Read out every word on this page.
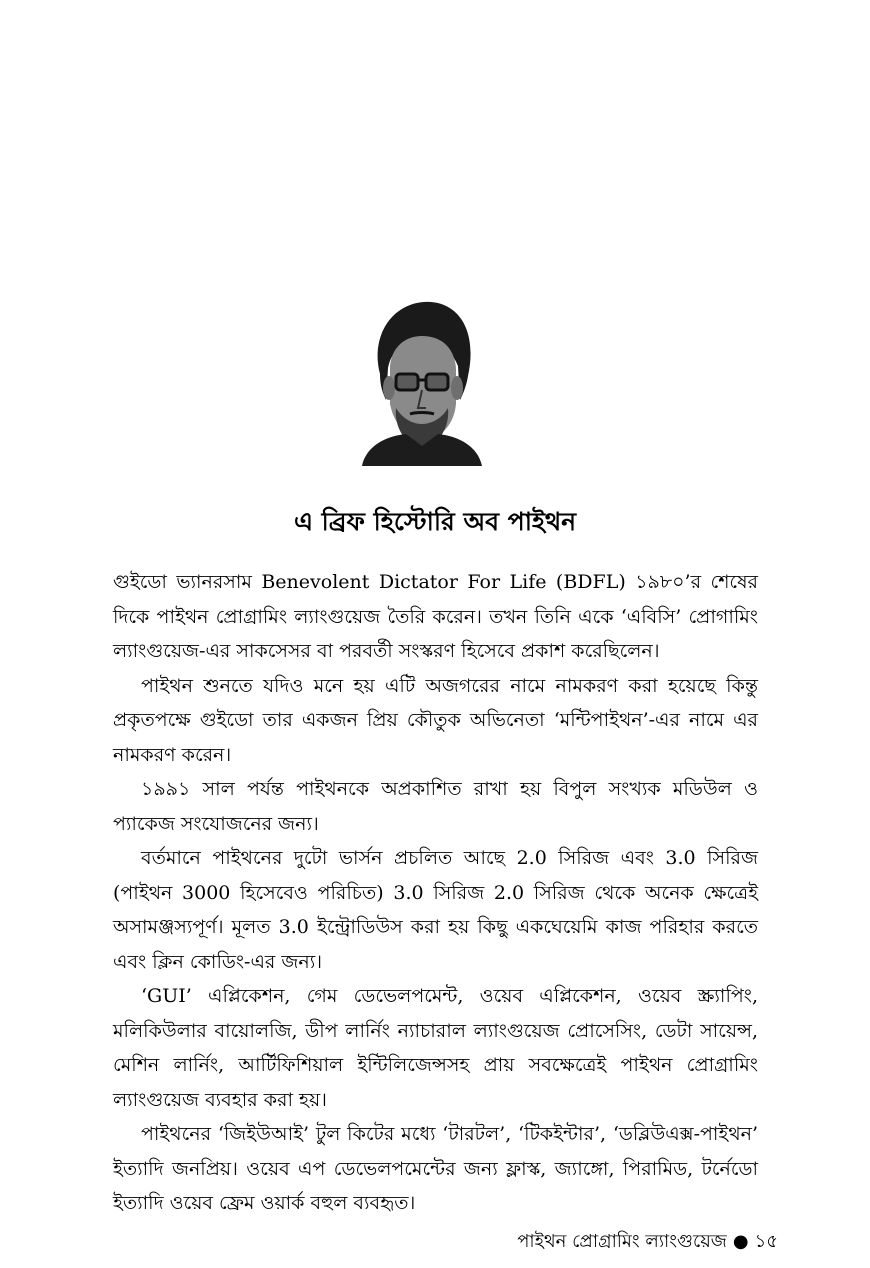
এ ব্রিফ হিস্টোরি অব পাইথন

গুইডো ভ্যানরসাম Benevolent Dictator For Life (BDFL) ১৯৮০’র শেষের দিকে পাইথন প্রোগ্রামিং ল্যাংগুয়েজ তৈরি করেন। তখন তিনি একে ‘এবিসি’ প্রোগামিং ল্যাংগুয়েজ-এর সাকসেসর বা পরবর্তী সংস্করণ হিসেবে প্রকাশ করেছিলেন।

পাইথন শুনতে যদিও মনে হয় এটি অজগরের নামে নামকরণ করা হয়েছে কিন্তু প্রকৃতপক্ষে গুইডো তার একজন প্রিয় কৌতুক অভিনেতা ‘মন্টিপাইথন’-এর নামে এর নামকরণ করেন।

১৯৯১ সাল পর্যন্ত পাইথনকে অপ্রকাশিত রাখা হয় বিপুল সংখ্যক মডিউল ও প্যাকেজ সংযোজনের জন্য।

বর্তমানে পাইথনের দুটো ভার্সন প্রচলিত আছে 2.0 সিরিজ এবং 3.0 সিরিজ (পাইথন 3000 হিসেবেও পরিচিত) 3.0 সিরিজ 2.0 সিরিজ থেকে অনেক ক্ষেত্রেই অসামঞ্জস্যপূর্ণ। মূলত 3.0 ইন্ট্রোডিউস করা হয় কিছু একঘেয়েমি কাজ পরিহার করতে এবং ক্লিন কোডিং-এর জন্য।

‘GUI’ এপ্লিকেশন, গেম ডেভেলপমেন্ট, ওয়েব এপ্লিকেশন, ওয়েব স্ক্র্যাপিং, মলিকিউলার বায়োলজি, ডীপ লার্নিং ন্যাচারাল ল্যাংগুয়েজ প্রোসেসিং, ডেটা সায়েন্স, মেশিন লার্নিং, আর্টিফিশিয়াল ইন্টিলিজেন্সসহ প্রায় সবক্ষেত্রেই পাইথন প্রোগ্রামিং ল্যাংগুয়েজ ব্যবহার করা হয়।

পাইথনের ‘জিইউআই’ টুল কিটের মধ্যে ‘টারটল’, ‘টিকইন্টার’, ‘ডব্লিউএক্স-পাইথন’ ইত্যাদি জনপ্রিয়। ওয়েব এপ ডেভেলপমেন্টের জন্য ফ্লাস্ক, জ্যাঙ্গো, পিরামিড, টর্নেডো ইত্যাদি ওয়েব ফ্রেম ওয়ার্ক বহুল ব্যবহৃত।

পাইথন প্রোগ্রামিং ল্যাংগুয়েজ ● ১৫
